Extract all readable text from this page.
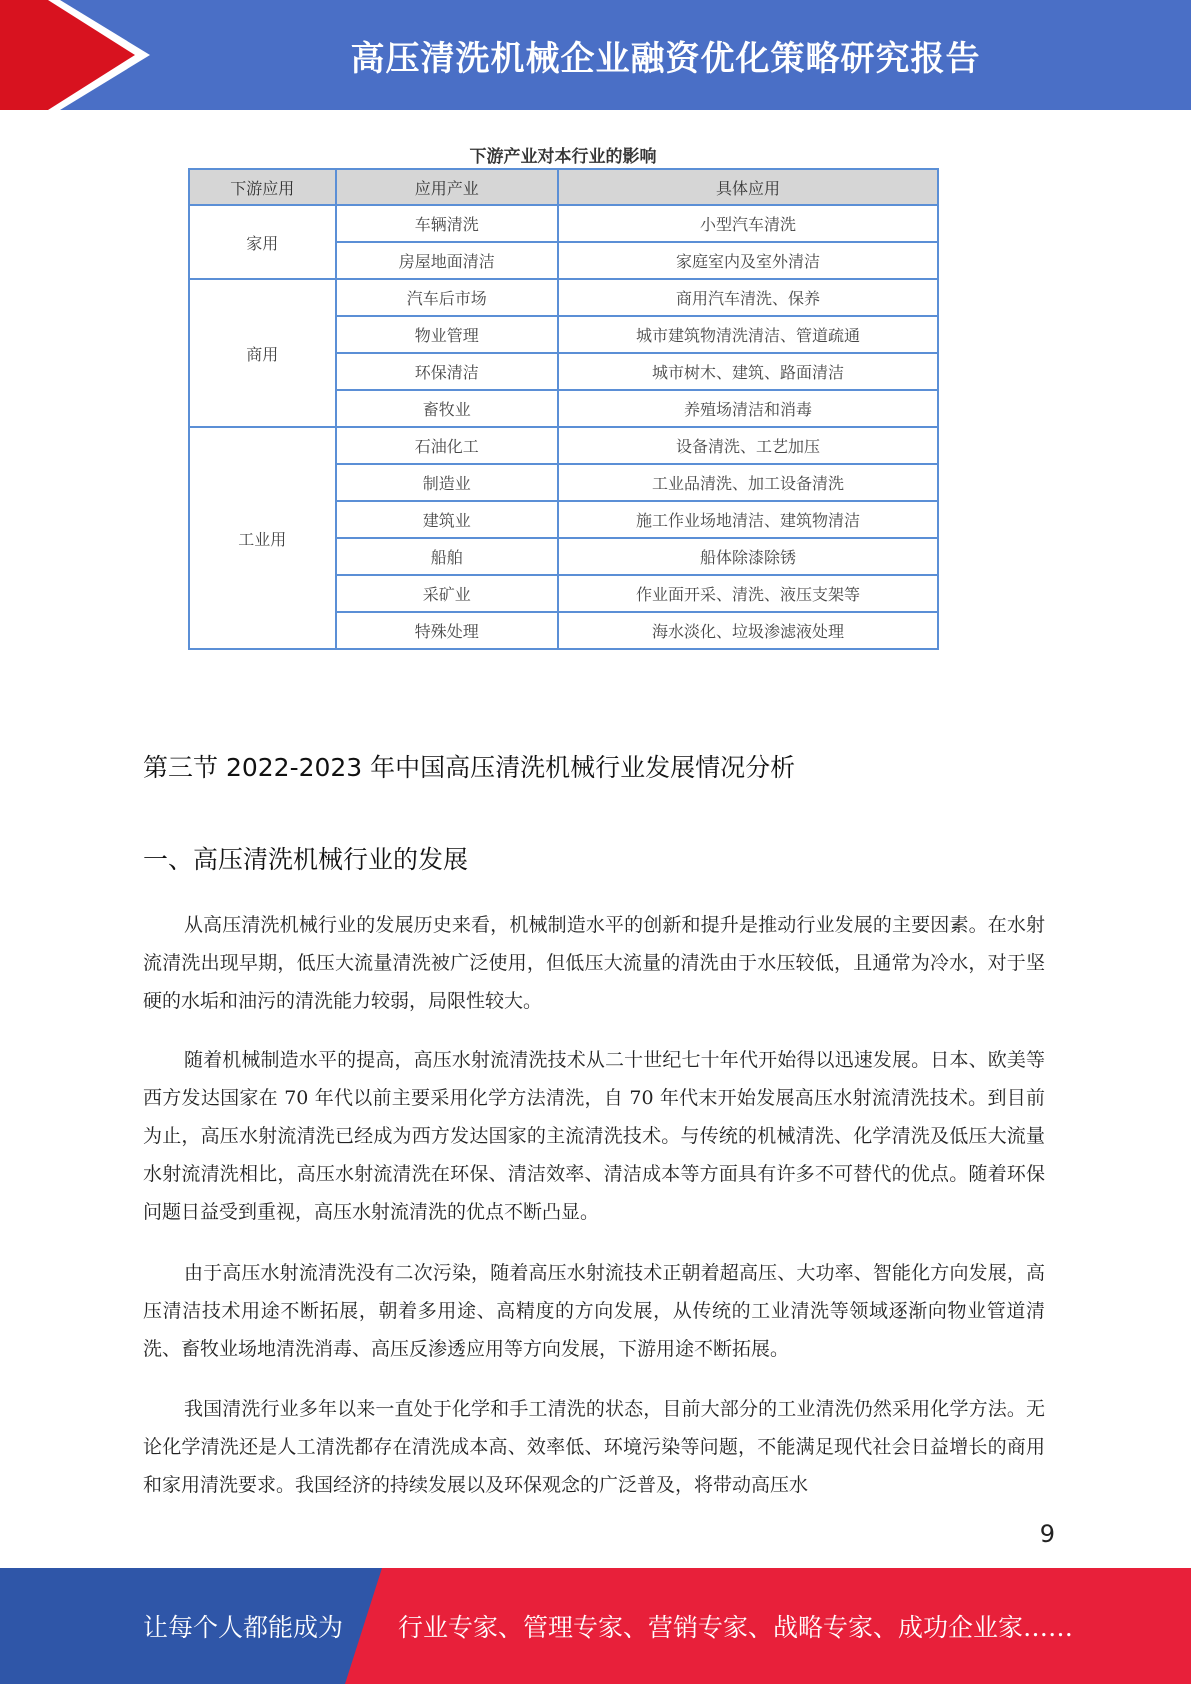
高压清洗机械企业融资优化策略研究报告
下游产业对本行业的影响
下游应用	应用产业	具体应用
家用	车辆清洗	小型汽车清洗
	房屋地面清洁	家庭室内及室外清洁
商用	汽车后市场	商用汽车清洗、保养
	物业管理	城市建筑物清洗清洁、管道疏通
	环保清洁	城市树木、建筑、路面清洁
	畜牧业	养殖场清洁和消毒
工业用	石油化工	设备清洗、工艺加压
	制造业	工业品清洗、加工设备清洗
	建筑业	施工作业场地清洁、建筑物清洁
	船舶	船体除漆除锈
	采矿业	作业面开采、清洗、液压支架等
	特殊处理	海水淡化、垃圾渗滤液处理
第三节 2022-2023 年中国高压清洗机械行业发展情况分析
一、高压清洗机械行业的发展

从高压清洗机械行业的发展历史来看，机械制造水平的创新和提升是推动行业发展的主要因素。在水射流清洗出现早期，低压大流量清洗被广泛使用，但低压大流量的清洗由于水压较低，且通常为冷水，对于坚硬的水垢和油污的清洗能力较弱，局限性较大。

随着机械制造水平的提高，高压水射流清洗技术从二十世纪七十年代开始得以迅速发展。日本、欧美等西方发达国家在 70 年代以前主要采用化学方法清洗，自 70 年代末开始发展高压水射流清洗技术。到目前为止，高压水射流清洗已经成为西方发达国家的主流清洗技术。与传统的机械清洗、化学清洗及低压大流量水射流清洗相比，高压水射流清洗在环保、清洁效率、清洁成本等方面具有许多不可替代的优点。随着环保问题日益受到重视，高压水射流清洗的优点不断凸显。

由于高压水射流清洗没有二次污染，随着高压水射流技术正朝着超高压、大功率、智能化方向发展，高压清洁技术用途不断拓展，朝着多用途、高精度的方向发展，从传统的工业清洗等领域逐渐向物业管道清洗、畜牧业场地清洗消毒、高压反渗透应用等方向发展，下游用途不断拓展。

我国清洗行业多年以来一直处于化学和手工清洗的状态，目前大部分的工业清洗仍然采用化学方法。无论化学清洗还是人工清洗都存在清洗成本高、效率低、环境污染等问题，不能满足现代社会日益增长的商用和家用清洗要求。我国经济的持续发展以及环保观念的广泛普及，将带动高压水

9
让每个人都能成为 行业专家、管理专家、营销专家、战略专家、成功企业家……
